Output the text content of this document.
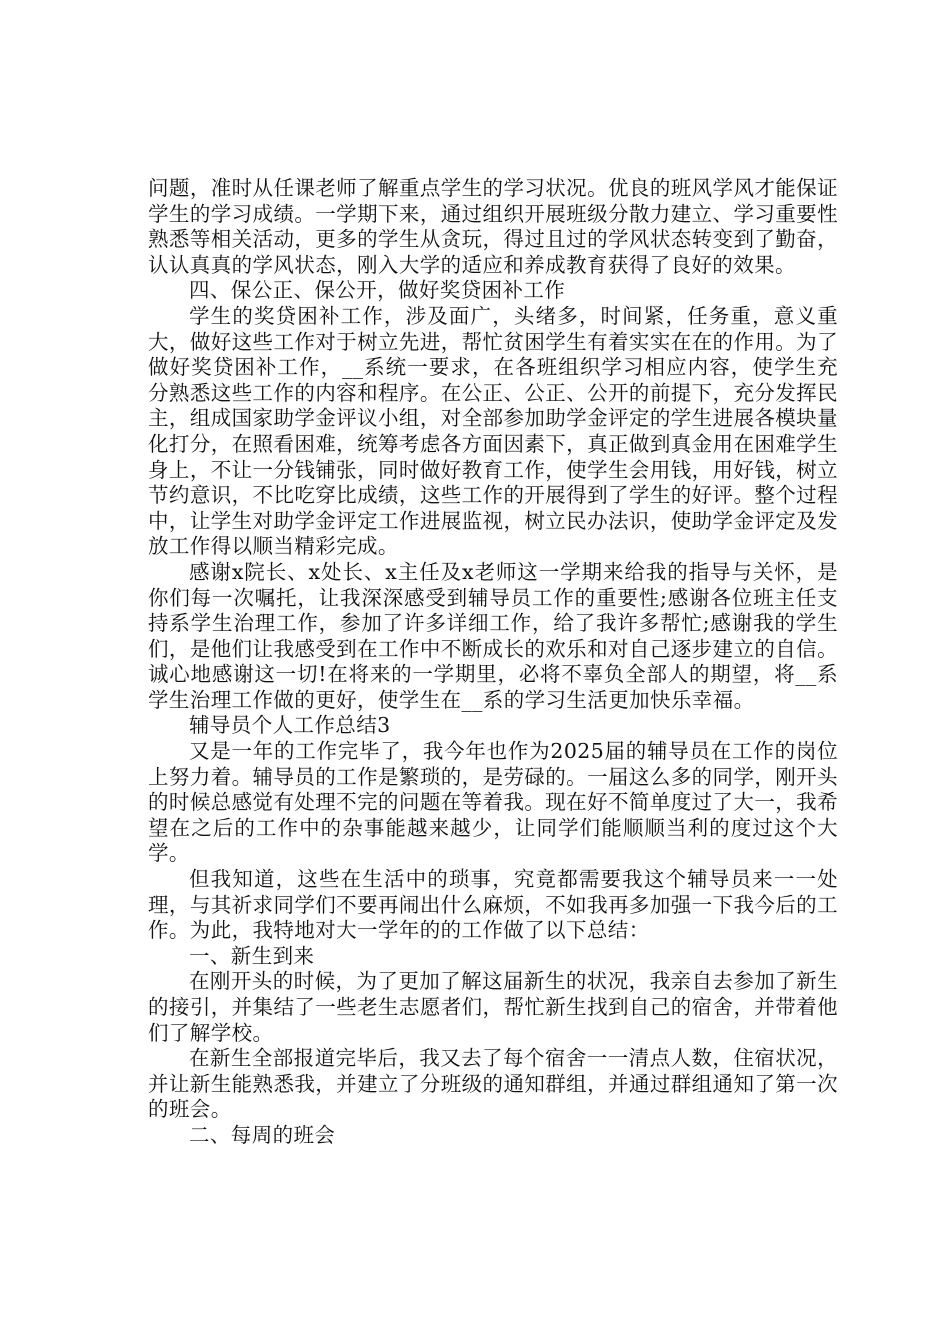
问题，准时从任课老师了解重点学生的学习状况。优良的班风学风才能保证学生的学习成绩。一学期下来，通过组织开展班级分散力建立、学习重要性熟悉等相关活动，更多的学生从贪玩，得过且过的学风状态转变到了勤奋，认认真真的学风状态，刚入大学的适应和养成教育获得了良好的效果。

四、保公正、保公开，做好奖贷困补工作

学生的奖贷困补工作，涉及面广，头绪多，时间紧，任务重，意义重大，做好这些工作对于树立先进，帮忙贫困学生有着实实在在的作用。为了做好奖贷困补工作，__系统一要求，在各班组织学习相应内容，使学生充分熟悉这些工作的内容和程序。在公正、公正、公开的前提下，充分发挥民主，组成国家助学金评议小组，对全部参加助学金评定的学生进展各模块量化打分，在照看困难，统筹考虑各方面因素下，真正做到真金用在困难学生身上，不让一分钱铺张，同时做好教育工作，使学生会用钱，用好钱，树立节约意识，不比吃穿比成绩，这些工作的开展得到了学生的好评。整个过程中，让学生对助学金评定工作进展监视，树立民办法识，使助学金评定及发放工作得以顺当精彩完成。

感谢x院长、x处长、x主任及x老师这一学期来给我的指导与关怀，是你们每一次嘱托，让我深深感受到辅导员工作的重要性;感谢各位班主任支持系学生治理工作，参加了许多详细工作，给了我许多帮忙;感谢我的学生们，是他们让我感受到在工作中不断成长的欢乐和对自己逐步建立的自信。诚心地感谢这一切!在将来的一学期里，必将不辜负全部人的期望，将__系学生治理工作做的更好，使学生在__系的学习生活更加快乐幸福。

辅导员个人工作总结3

又是一年的工作完毕了，我今年也作为2025届的辅导员在工作的岗位上努力着。辅导员的工作是繁琐的，是劳碌的。一届这么多的同学，刚开头的时候总感觉有处理不完的问题在等着我。现在好不简单度过了大一，我希望在之后的工作中的杂事能越来越少，让同学们能顺顺当利的度过这个大学。

但我知道，这些在生活中的琐事，究竟都需要我这个辅导员来一一处理，与其祈求同学们不要再闹出什么麻烦，不如我再多加强一下我今后的工作。为此，我特地对大一学年的的工作做了以下总结：

一、新生到来

在刚开头的时候，为了更加了解这届新生的状况，我亲自去参加了新生的接引，并集结了一些老生志愿者们，帮忙新生找到自己的宿舍，并带着他们了解学校。

在新生全部报道完毕后，我又去了每个宿舍一一清点人数，住宿状况，并让新生能熟悉我，并建立了分班级的通知群组，并通过群组通知了第一次的班会。

二、每周的班会
